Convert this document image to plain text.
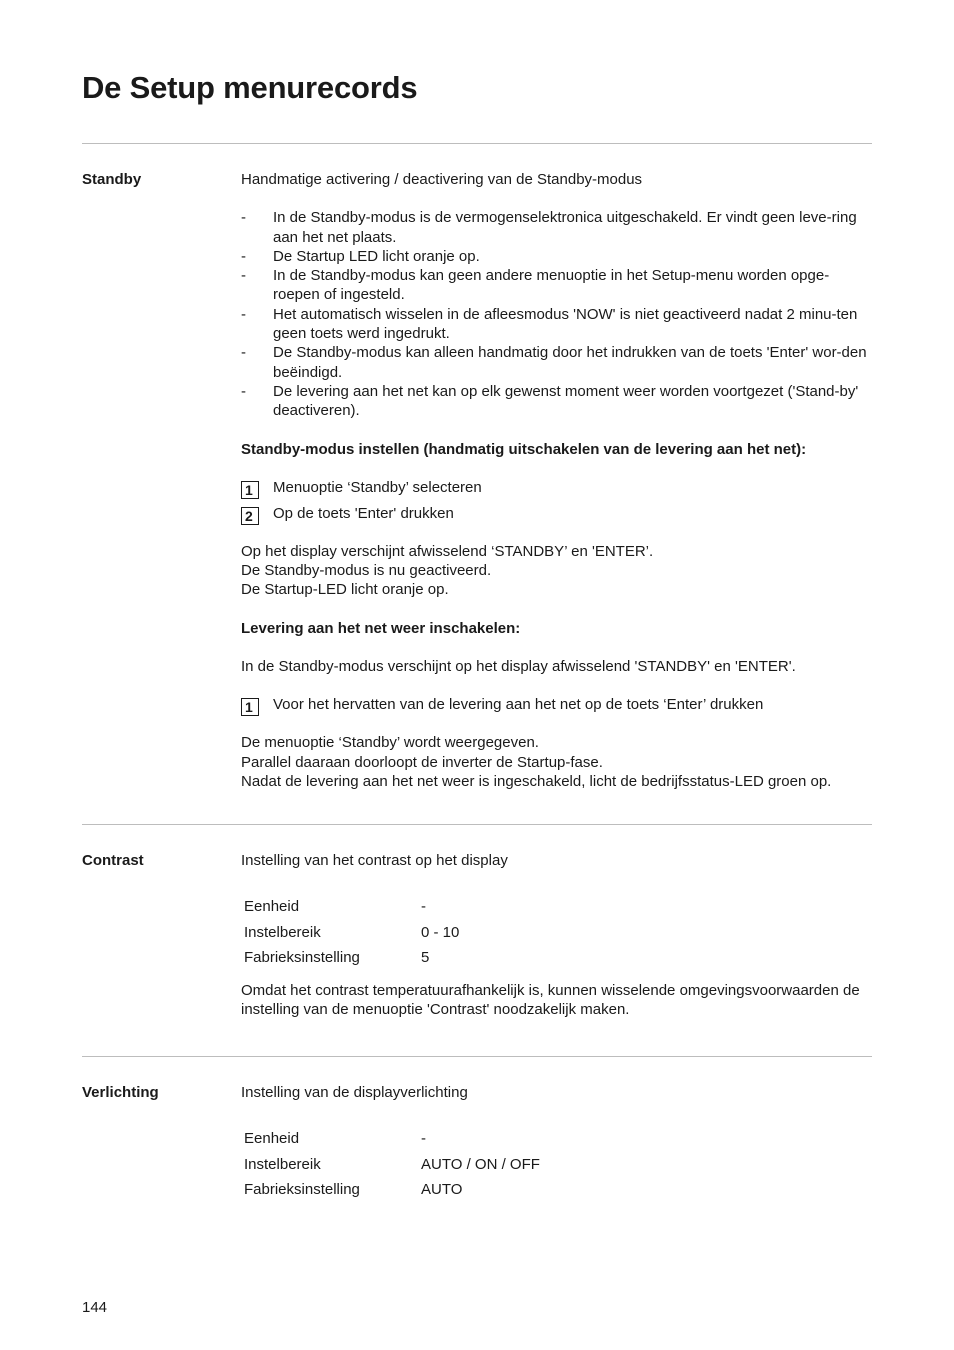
De Setup menurecords
Standby	Handmatige activering / deactivering van de Standby-modus

- In de Standby-modus is de vermogenselektronica uitgeschakeld. Er vindt geen leve-ring aan het net plaats.
- De Startup LED licht oranje op.
- In de Standby-modus kan geen andere menuoptie in het Setup-menu worden opge-roepen of ingesteld.
- Het automatisch wisselen in de afleesmodus 'NOW' is niet geactiveerd nadat 2 minu-ten geen toets werd ingedrukt.
- De Standby-modus kan alleen handmatig door het indrukken van de toets 'Enter' wor-den beëindigd.
- De levering aan het net kan op elk gewenst moment weer worden voortgezet ('Stand-by' deactiveren).

Standby-modus instellen (handmatig uitschakelen van de levering aan het net):

1	Menuoptie ‘Standby’ selecteren
2	Op de toets 'Enter' drukken

Op het display verschijnt afwisselend ‘STANDBY’ en 'ENTER’.

De Standby-modus is nu geactiveerd.

De Startup-LED licht oranje op.

Levering aan het net weer inschakelen:

In de Standby-modus verschijnt op het display afwisselend 'STANDBY' en 'ENTER'.

1	Voor het hervatten van de levering aan het net op de toets ‘Enter’ drukken

De menuoptie ‘Standby’ wordt weergegeven.

Parallel daaraan doorloopt de inverter de Startup-fase.

Nadat de levering aan het net weer is ingeschakeld, licht de bedrijfsstatus-LED groen op.

Contrast	Instelling van het contrast op het display

Eenheid	-
Instelbereik	0 - 10
Fabrieksinstelling	5

Omdat het contrast temperatuurafhankelijk is, kunnen wisselende omgevingsvoorwaarden de instelling van de menuoptie 'Contrast' noodzakelijk maken.

Verlichting	Instelling van de displayverlichting

Eenheid	-
Instelbereik	AUTO / ON / OFF
Fabrieksinstelling	AUTO
144
